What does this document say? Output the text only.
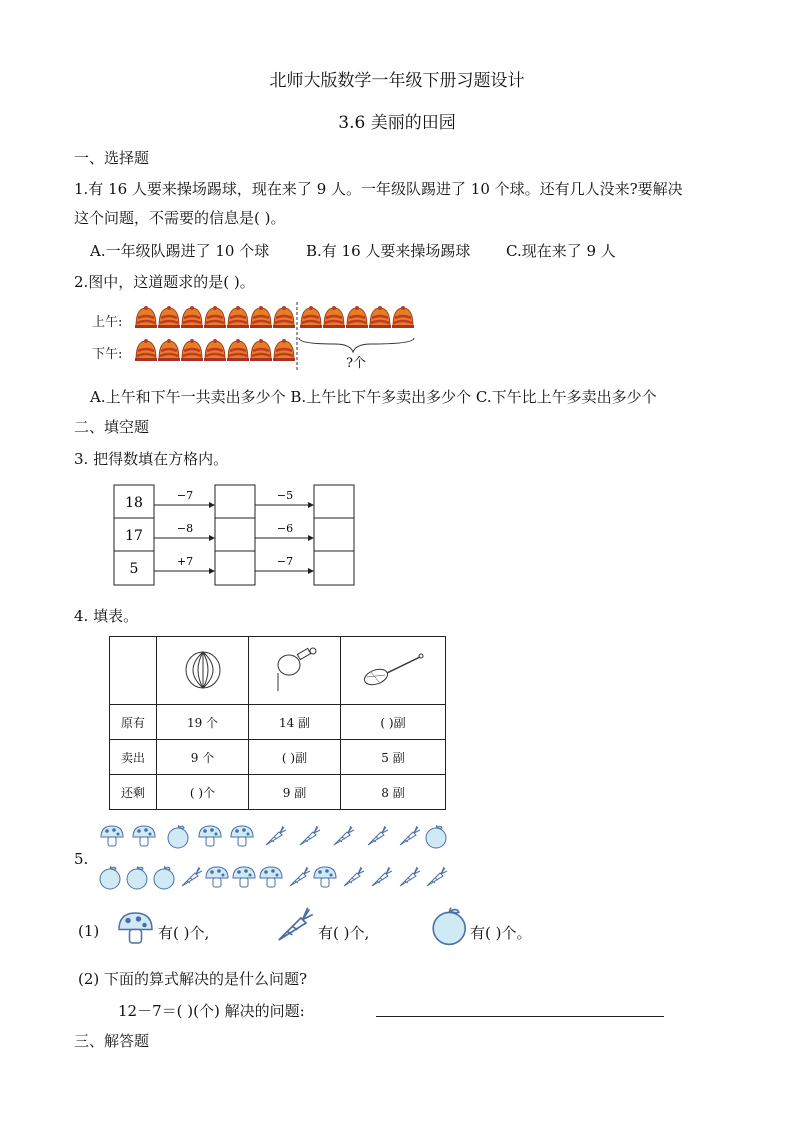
北师大版数学一年级下册习题设计
3.6 美丽的田园
一、选择题
1.有 16 人要来操场踢球，现在来了 9 人。一年级队踢进了 10 个球。还有几人没来?要解决
这个问题，不需要的信息是( )。
A.一年级队踢进了 10 个球 B.有 16 人要来操场踢球 C.现在来了 9 人
2.图中，这道题求的是( )。
上午:
下午:
?个
A.上午和下午一共卖出多少个 B.上午比下午多卖出多少个 C.下午比上午多卖出多少个
二、填空题
3. 把得数填在方格内。
18
17
5
−7
−8
+7
−5
−6
−7
4. 填表。

原有	19 个	14 副	( )副
卖出	9 个	( )副	5 副
还剩	( )个	9 副	8 副
5.
(1)	有( )个,	有( )个,	有( )个。
(2) 下面的算式解决的是什么问题?
12－7＝( )(个) 解决的问题:
三、解答题
